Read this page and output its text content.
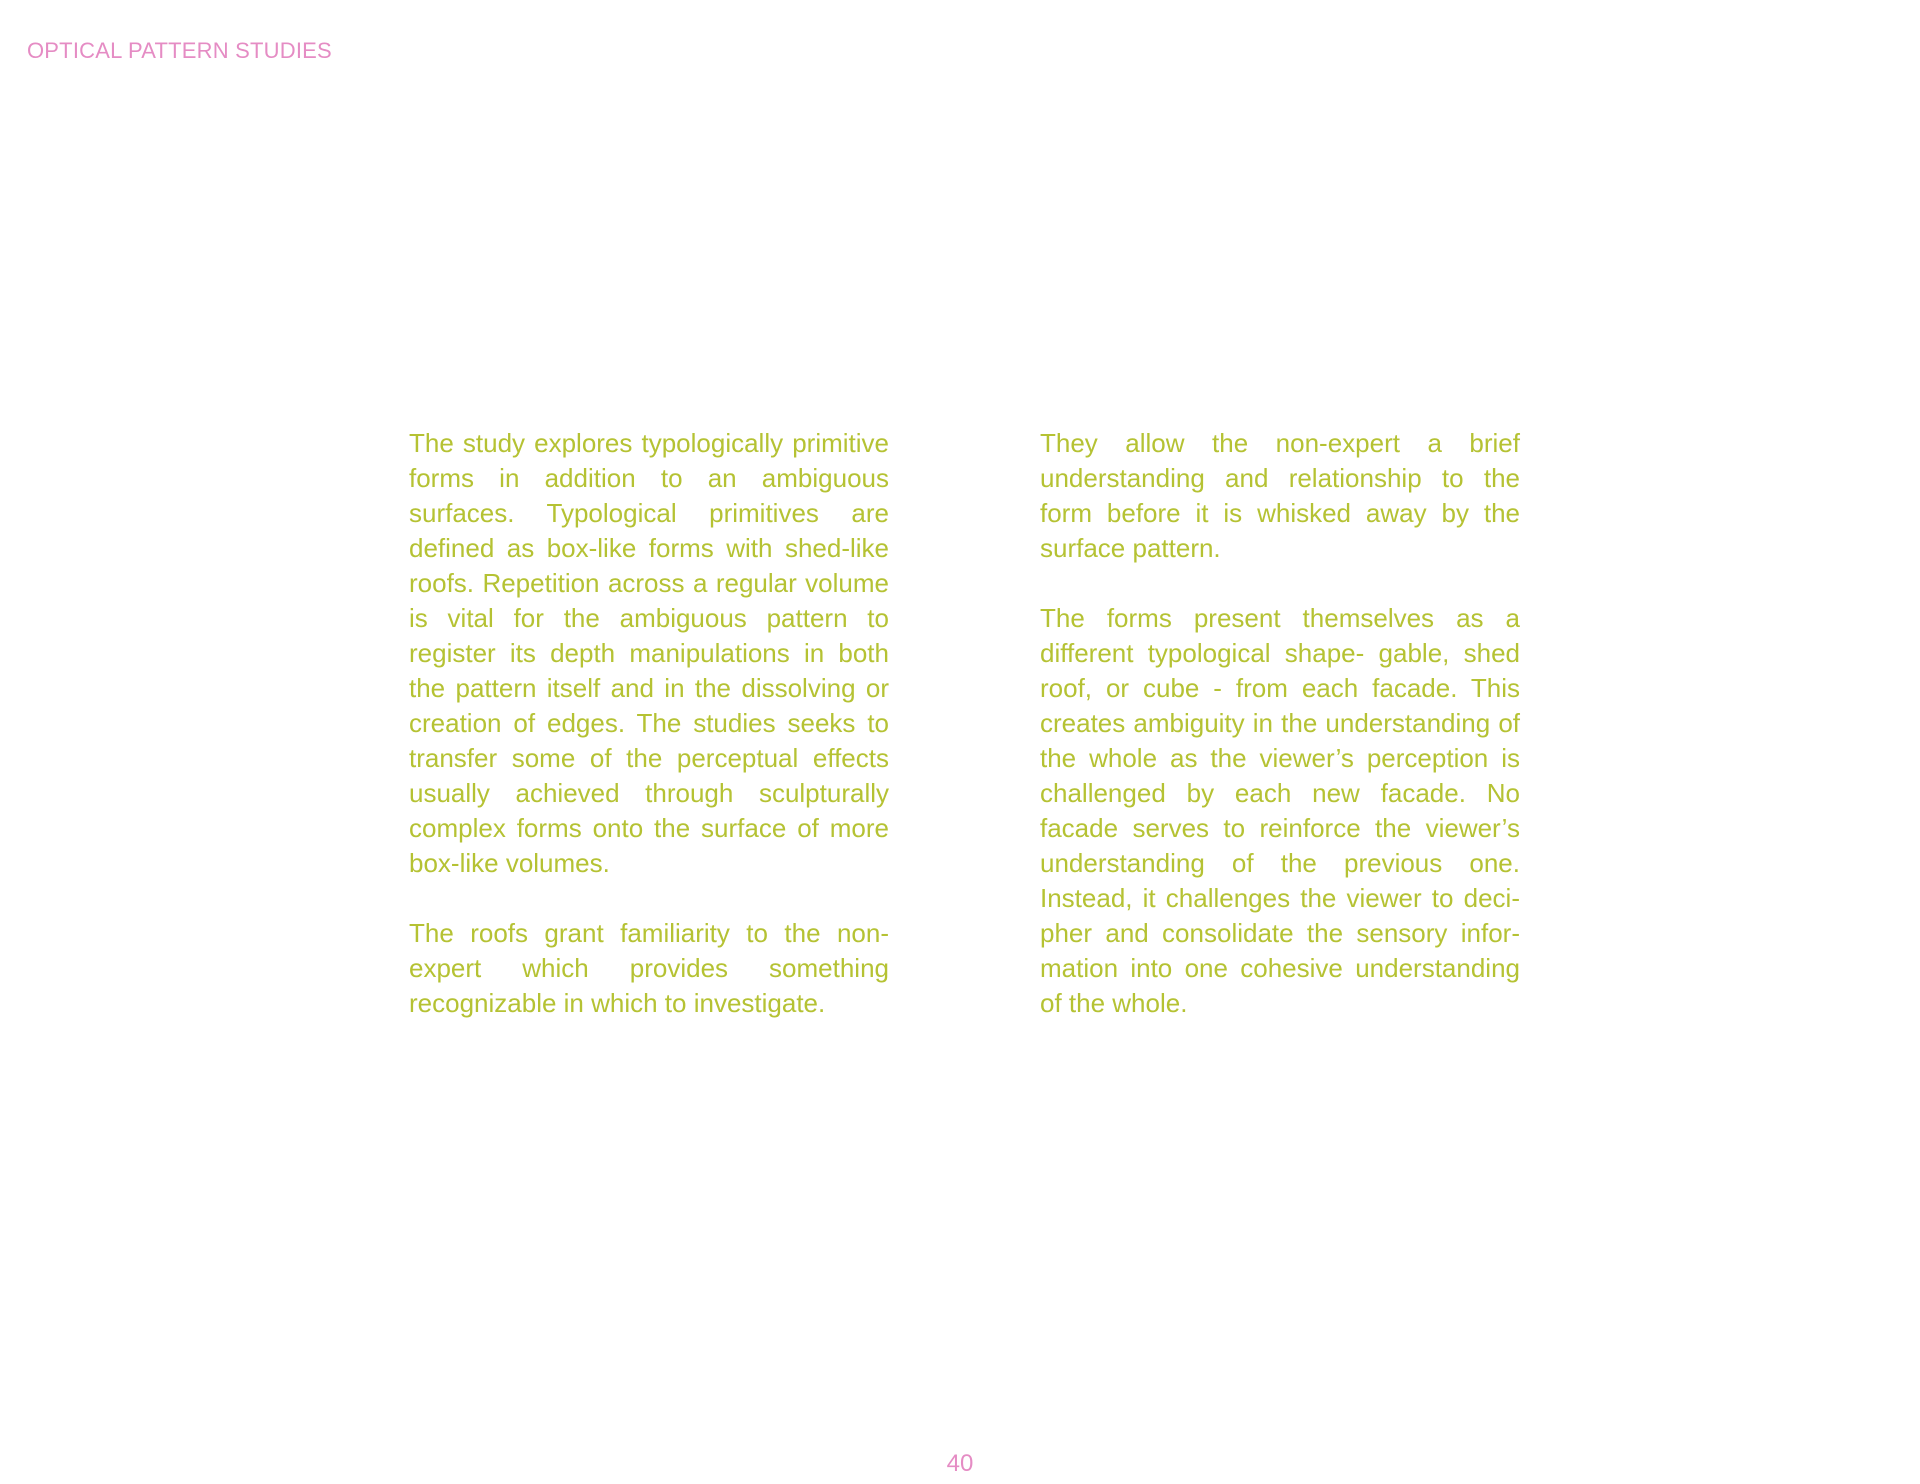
OPTICAL PATTERN STUDIES

The study explores typologically primitive forms in addition to an ambiguous surfaces. Typological primitives are defined as box-like forms with shed-like roofs. Repetition across a regular volume is vital for the ambiguous pattern to register its depth manipulations in both the pattern itself and in the dissolving or creation of edges. The studies seeks to transfer some of the perceptual effects usually achieved through sculpturally complex forms onto the surface of more box-like volumes.

The roofs grant familiarity to the non-expert which provides something recognizable in which to investigate.

They allow the non-expert a brief understanding and relationship to the form before it is whisked away by the surface pattern.

The forms present themselves as a different typological shape- gable, shed roof, or cube - from each facade. This creates ambiguity in the understanding of the whole as the viewer’s perception is challenged by each new facade. No facade serves to reinforce the viewer’s understanding of the previous one. Instead, it challenges the viewer to decipher and consolidate the sensory information into one cohesive understanding of the whole.

40
